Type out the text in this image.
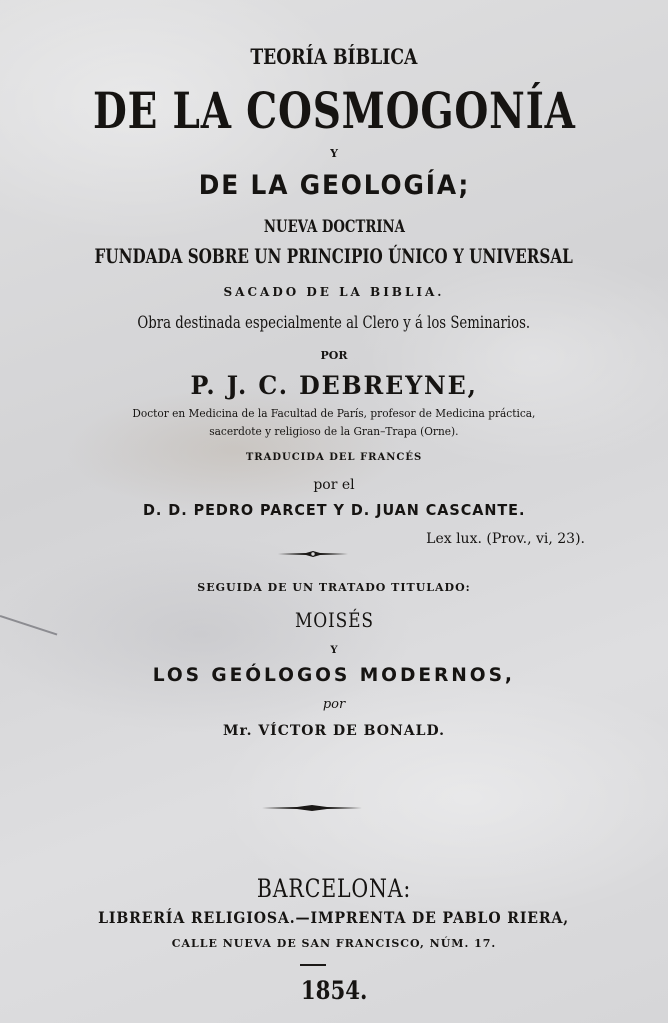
TEORÍA BÍBLICA
DE LA COSMOGONÍA
Y
DE LA GEOLOGÍA;
NUEVA DOCTRINA
FUNDADA SOBRE UN PRINCIPIO ÚNICO Y UNIVERSAL
SACADO DE LA BIBLIA.
Obra destinada especialmente al Clero y á los Seminarios.
POR
P. J. C. DEBREYNE,
Doctor en Medicina de la Facultad de París, profesor de Medicina práctica,
sacerdote y religioso de la Gran–Trapa (Orne).
TRADUCIDA DEL FRANCÉS
por el
D. D. PEDRO PARCET Y D. JUAN CASCANTE.
Lex lux. (Prov., vi, 23).
SEGUIDA DE UN TRATADO TITULADO:
MOISÉS
Y
LOS GEÓLOGOS MODERNOS,
por
Mr. VÍCTOR DE BONALD.
BARCELONA:
LIBRERÍA RELIGIOSA.—IMPRENTA DE PABLO RIERA,
CALLE NUEVA DE SAN FRANCISCO, NÚM. 17.
1854.
